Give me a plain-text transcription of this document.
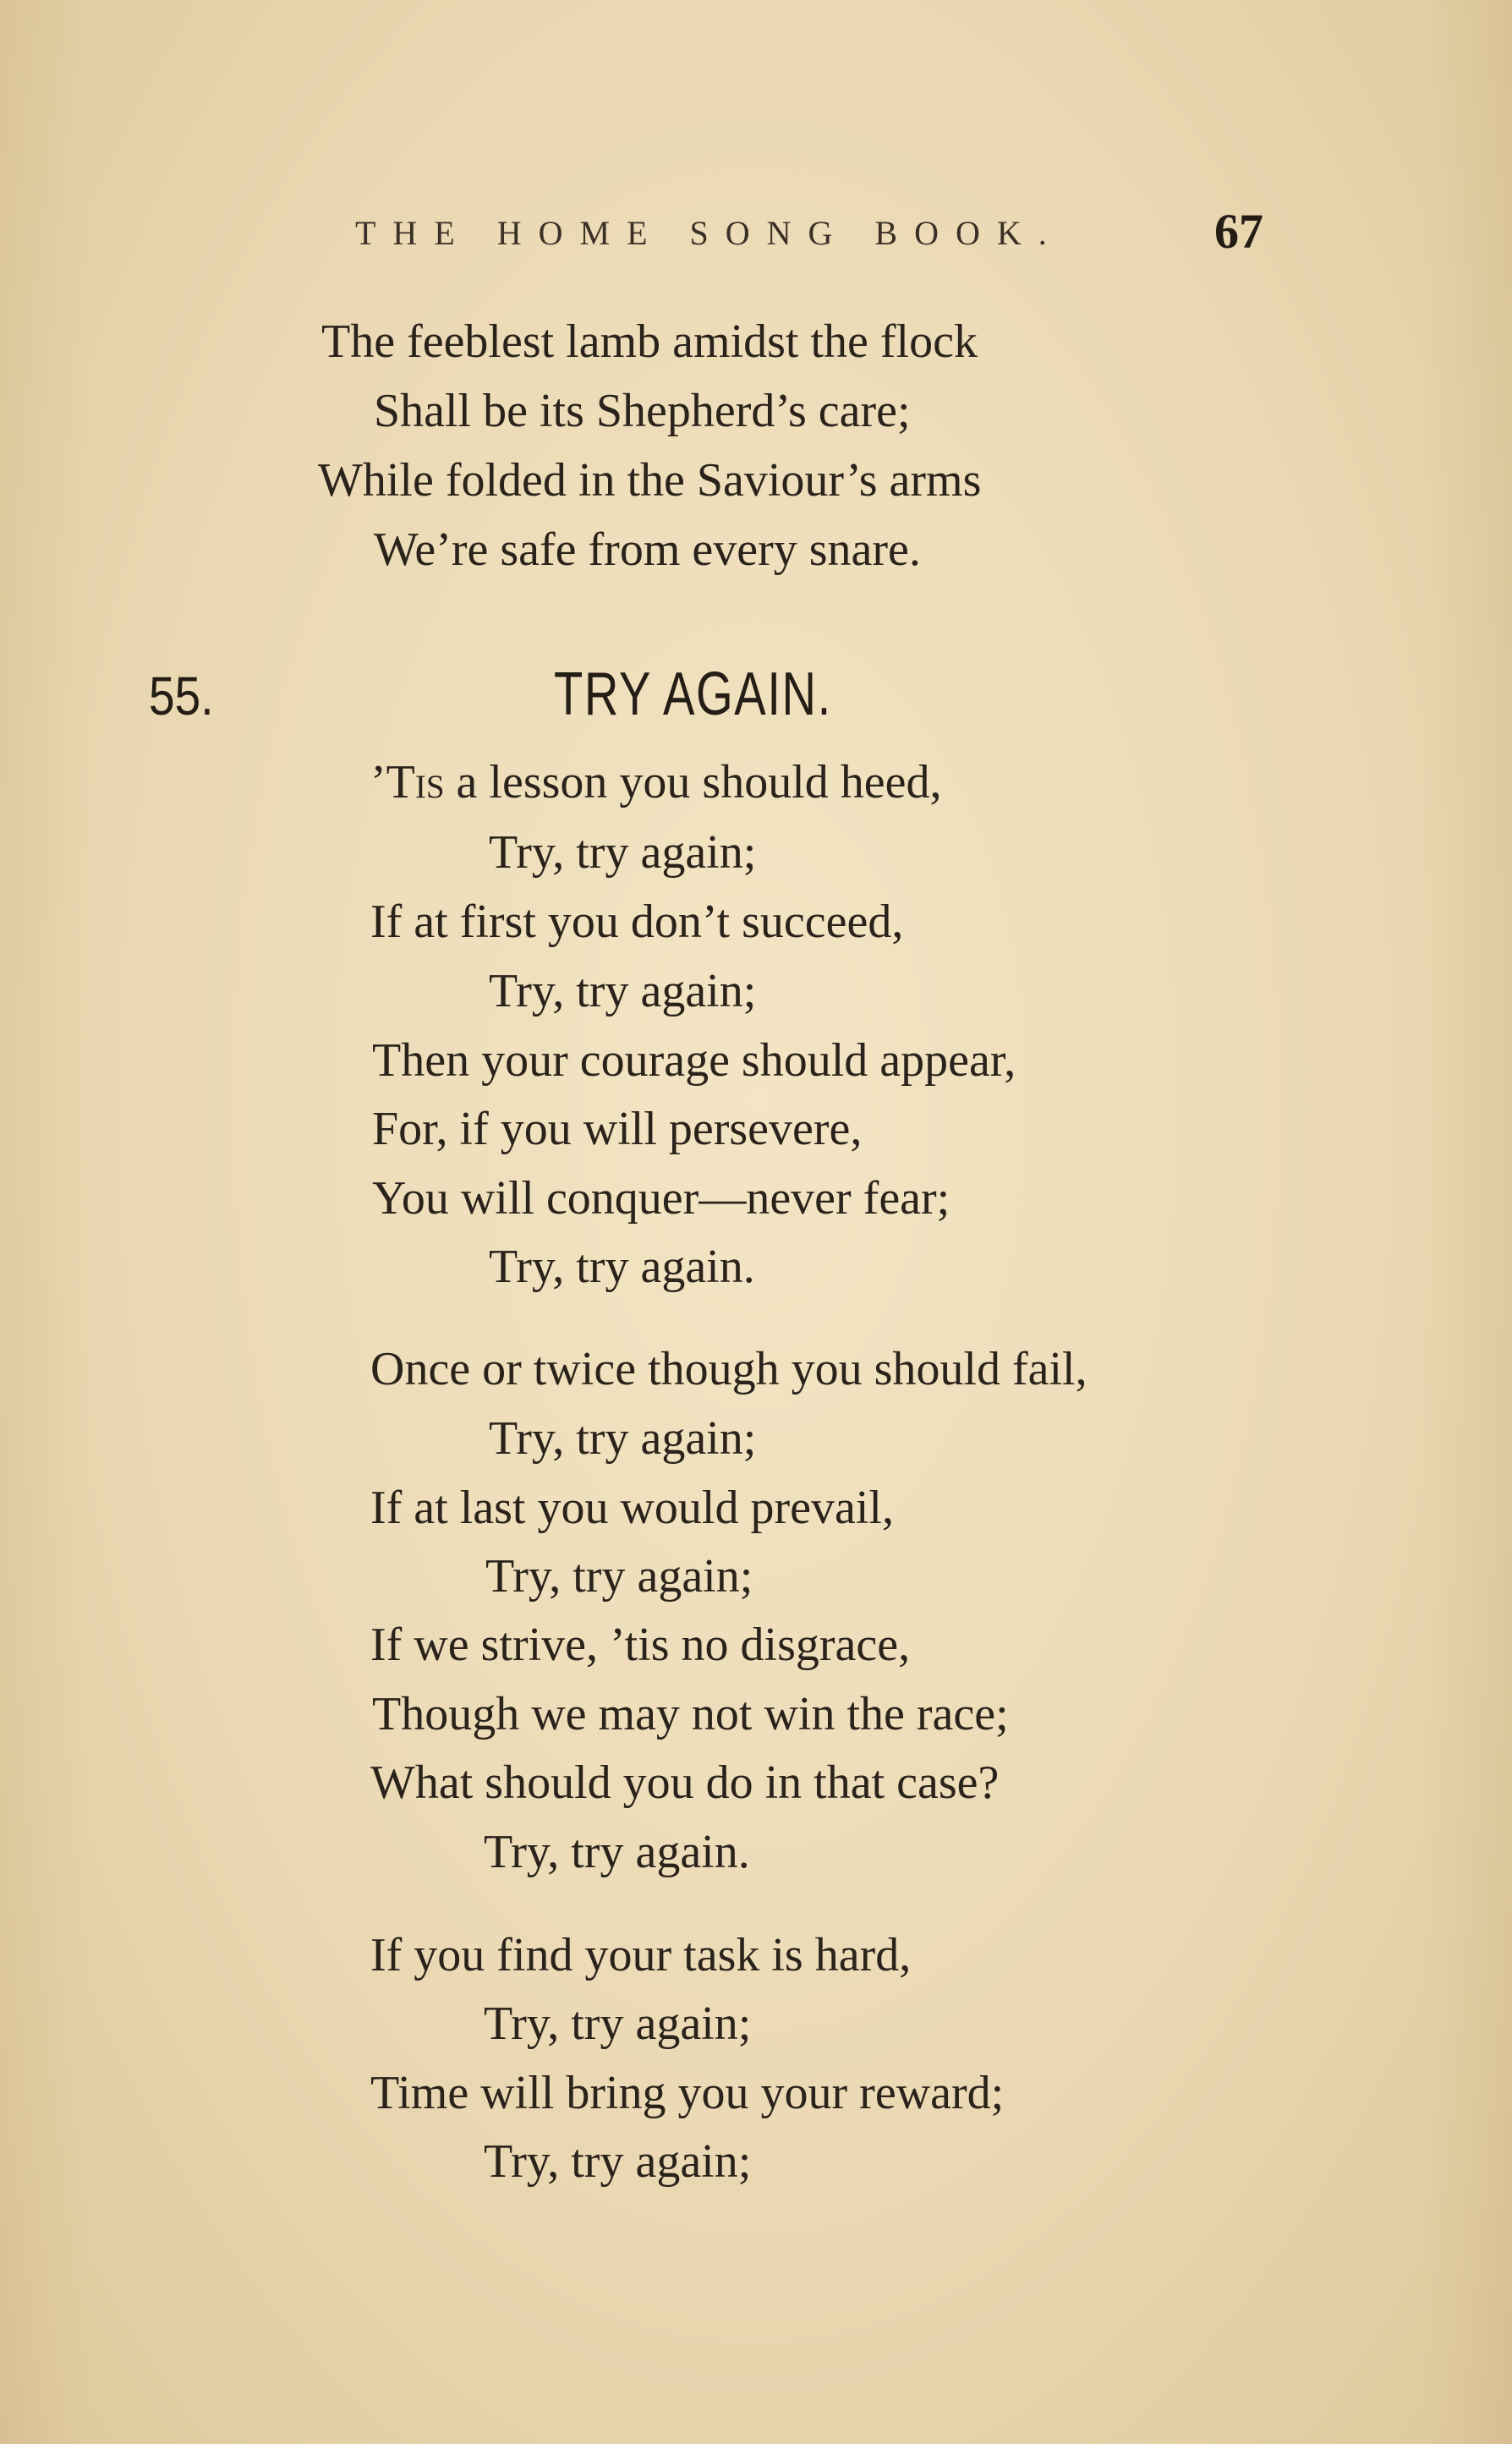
THE HOME SONG BOOK.	67
The feeblest lamb amidst the flock
Shall be its Shepherd’s care;
While folded in the Saviour’s arms
We’re safe from every snare.
55.	TRY AGAIN.
’Tis a lesson you should heed,
Try, try again;
If at first you don’t succeed,
Try, try again;
Then your courage should appear,
For, if you will persevere,
You will conquer—never fear;
Try, try again.
Once or twice though you should fail,
Try, try again;
If at last you would prevail,
Try, try again;
If we strive, ’tis no disgrace,
Though we may not win the race;
What should you do in that case?
Try, try again.
If you find your task is hard,
Try, try again;
Time will bring you your reward;
Try, try again;
